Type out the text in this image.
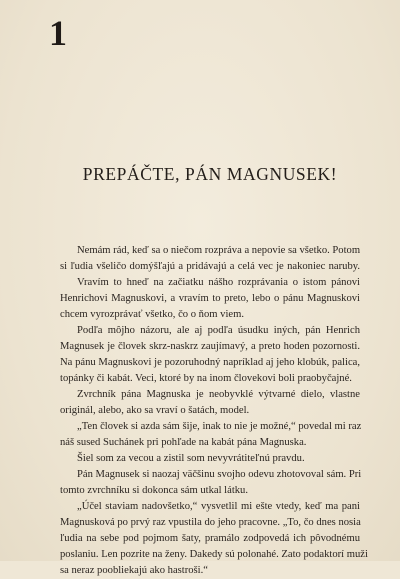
1
PREPÁČTE, PÁN MAGNUSEK!
Nemám rád, keď sa o niečom rozpráva a nepovie sa všetko. Potom
si ľudia všeličo domýšľajú a pridávajú a celá vec je nakoniec naruby.
Vravím to hneď na začiatku nášho rozprávania o istom pánovi
Henrichovi Magnuskovi, a vravím to preto, lebo o pánu Magnuskovi
chcem vyrozprávať všetko, čo o ňom viem.
Podľa môjho názoru, ale aj podľa úsudku iných, pán Henrich
Magnusek je človek skrz-naskrz zaujímavý, a preto hoden pozornosti.
Na pánu Magnuskovi je pozoruhodný napríklad aj jeho klobúk, palica,
topánky či kabát. Veci, ktoré by na inom človekovi boli praobyčajné.
Zvrchník pána Magnuska je neobyvklé výtvarné dielo, vlastne
originál, alebo, ako sa vraví o šatách, model.
„Ten človek si azda sám šije, inak to nie je možné,“ povedal mi raz
náš sused Suchánek pri pohľade na kabát pána Magnuska.
Šiel som za vecou a zistil som nevyvrátiteľnú pravdu.
Pán Magnusek si naozaj väčšinu svojho odevu zhotovoval sám. Pri
tomto zvrchníku si dokonca sám utkal látku.
„Účel staviam nadovšetko,“ vysvetlil mi ešte vtedy, keď ma pani
Magnusková po prvý raz vpustila do jeho pracovne. „To, čo dnes nosia
ľudia na sebe pod pojmom šaty, pramálo zodpovedá ich pôvodnému
poslaniu. Len pozrite na ženy. Dakedy sú polonahé. Zato podaktorí muži
sa neraz poobliekajú ako hastroši.“
